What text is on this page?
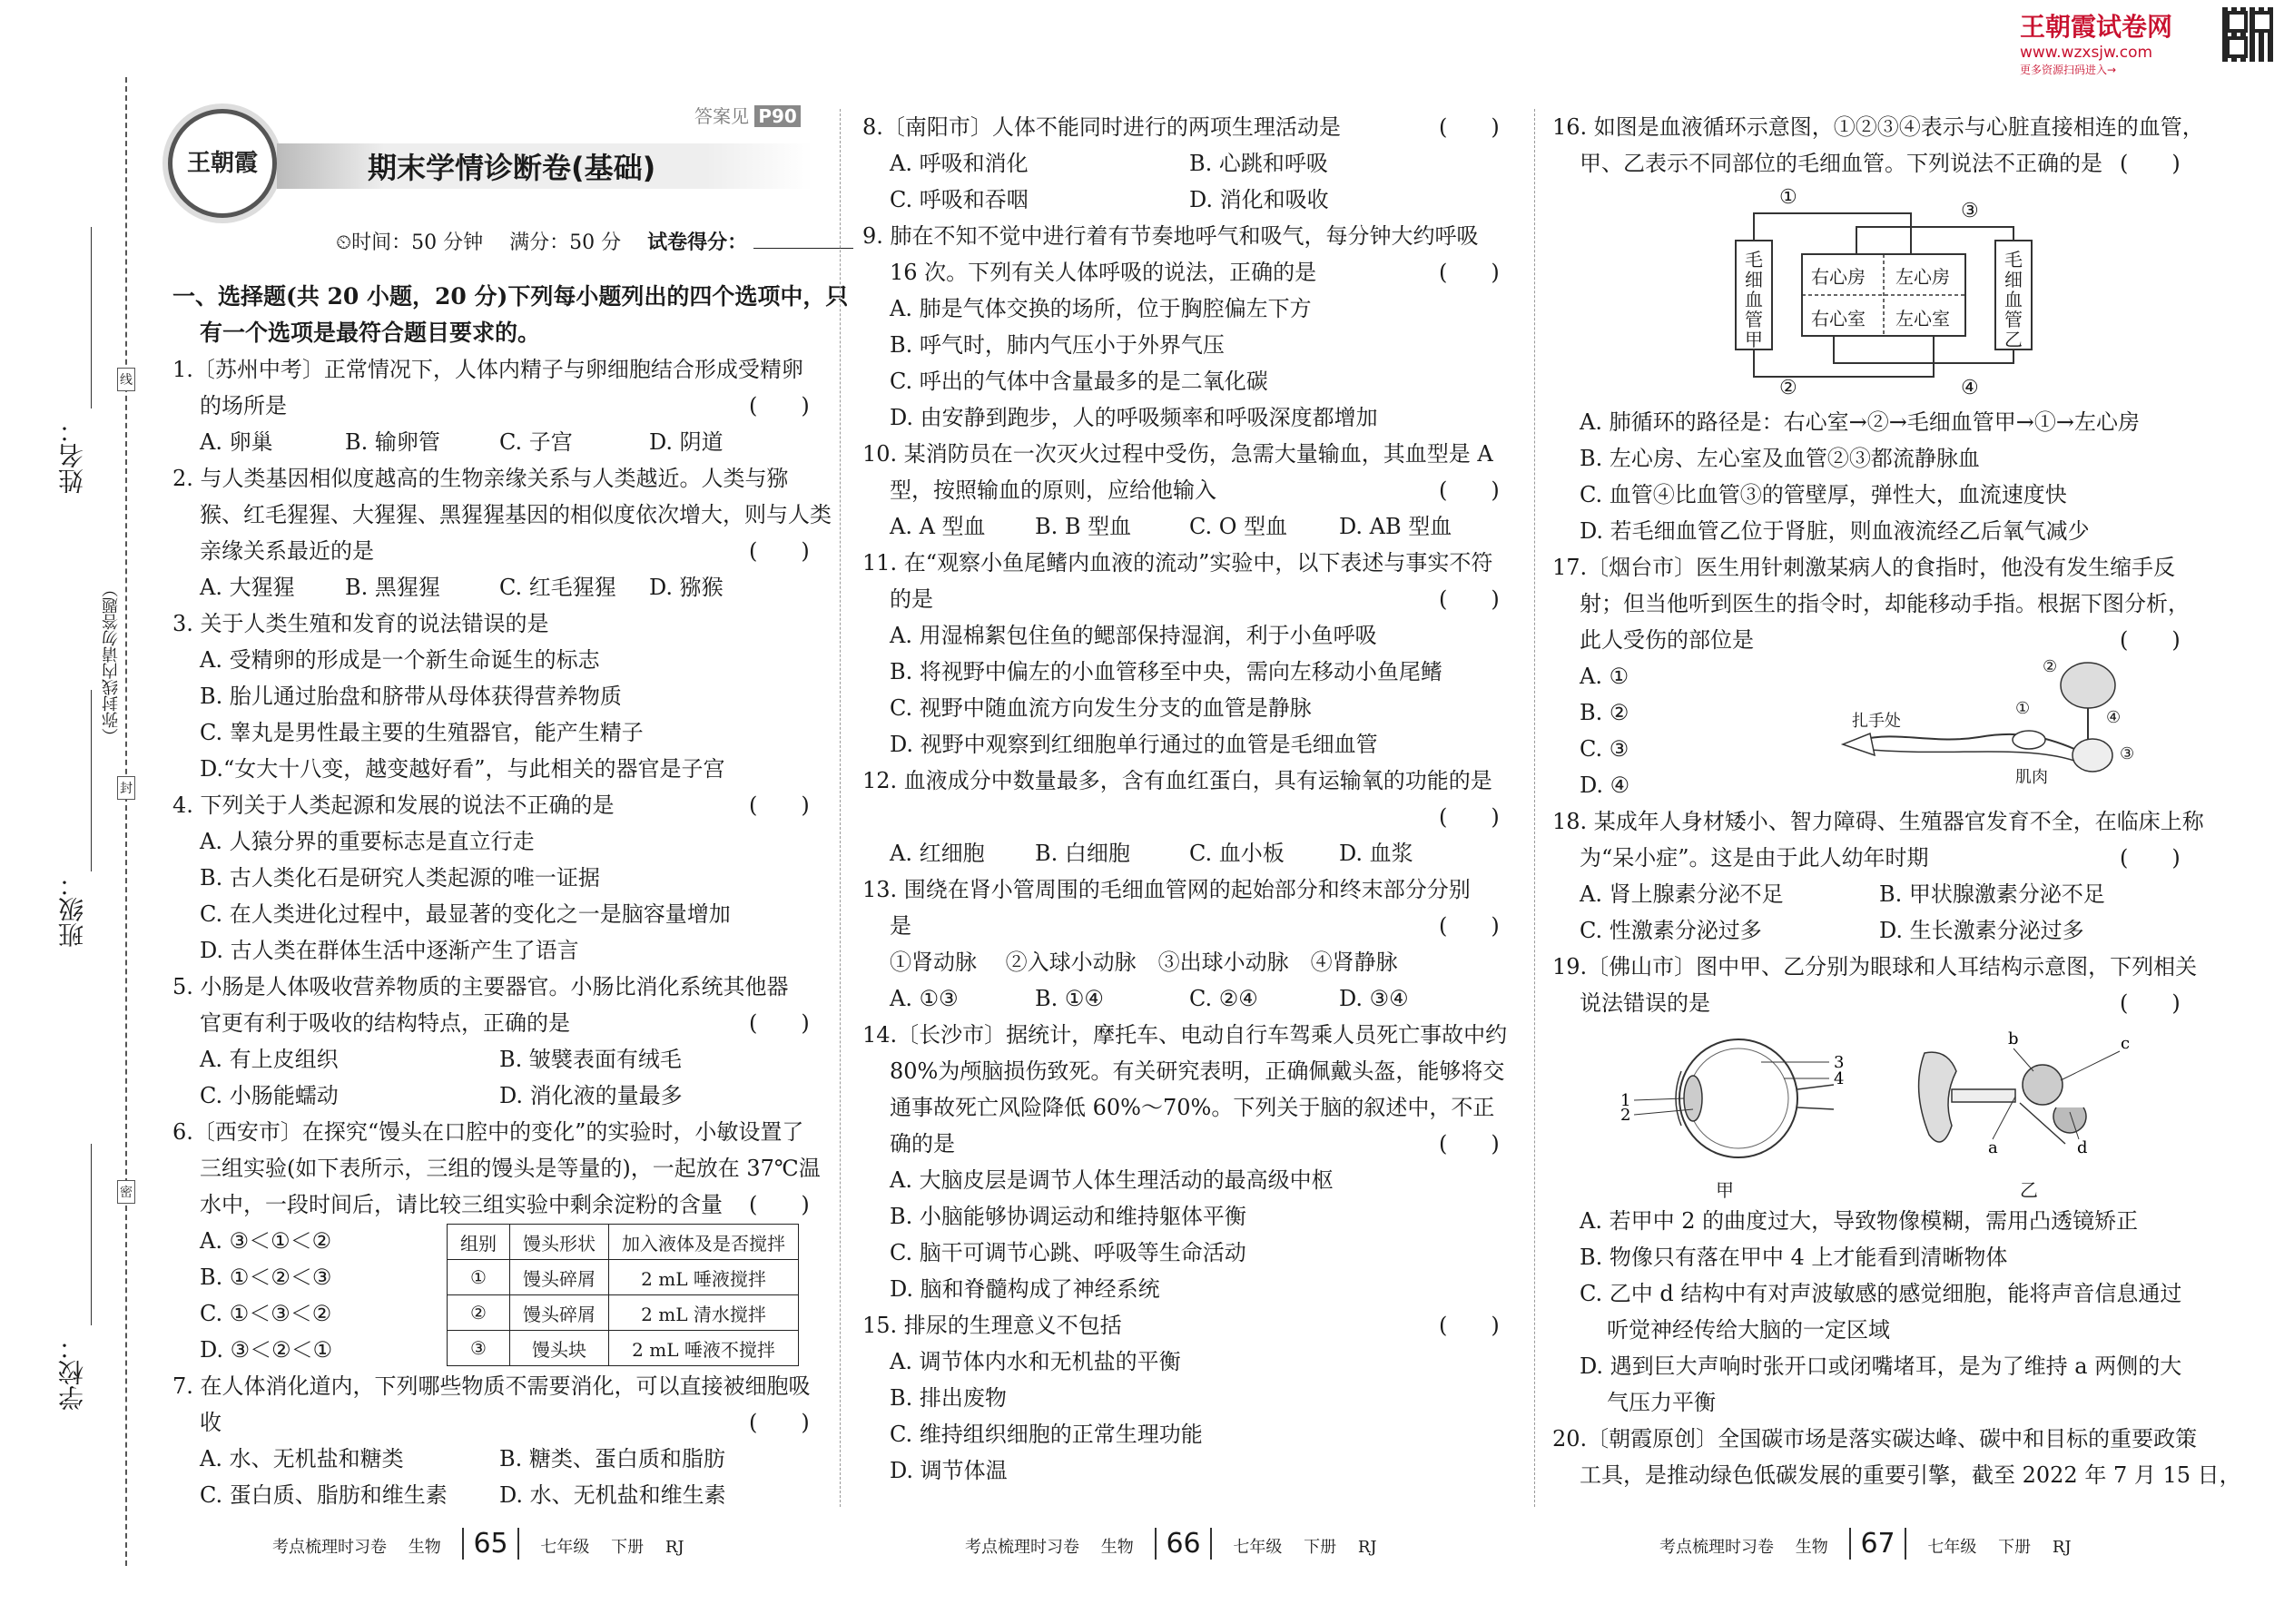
王朝霞试卷网
www.wzxsjw.com
更多资源扫码进入→
姓名：
班级：
学校：
（弥封线内请勿答题）
线
封
密
王朝霞
答案见 P90
期末学情诊断卷(基础)
⏲时间：50 分钟　 满分：50 分　 试卷得分：
一、选择题(共 20 小题，20 分)下列每小题列出的四个选项中，只
有一个选项是最符合题目要求的。
1.〔苏州中考〕正常情况下，人体内精子与卵细胞结合形成受精卵
的场所是	(　　)
A. 卵巢	B. 输卵管	C. 子宫	D. 阴道
2. 与人类基因相似度越高的生物亲缘关系与人类越近。人类与猕
猴、红毛猩猩、大猩猩、黑猩猩基因的相似度依次增大，则与人类
亲缘关系最近的是	(　　)
A. 大猩猩 B. 黑猩猩	C. 红毛猩猩 D. 猕猴
3. 关于人类生殖和发育的说法错误的是
A. 受精卵的形成是一个新生命诞生的标志
B. 胎儿通过胎盘和脐带从母体获得营养物质
C. 睾丸是男性最主要的生殖器官，能产生精子
D.“女大十八变，越变越好看”，与此相关的器官是子宫
4. 下列关于人类起源和发展的说法不正确的是	(　　)
A. 人猿分界的重要标志是直立行走
B. 古人类化石是研究人类起源的唯一证据
C. 在人类进化过程中，最显著的变化之一是脑容量增加
D. 古人类在群体生活中逐渐产生了语言
5. 小肠是人体吸收营养物质的主要器官。小肠比消化系统其他器
官更有利于吸收的结构特点，正确的是	(　　)
A. 有上皮组织	B. 皱襞表面有绒毛
C. 小肠能蠕动	D. 消化液的量最多
6.〔西安市〕在探究“馒头在口腔中的变化”的实验时，小敏设置了
三组实验(如下表所示，三组的馒头是等量的)，一起放在 37℃温
水中，一段时间后，请比较三组实验中剩余淀粉的含量 (　　)
A. ③＜①＜②
B. ①＜②＜③
C. ①＜③＜②
D. ③＜②＜①
组别	馒头形状	加入液体及是否搅拌
①	馒头碎屑	2 mL 唾液搅拌
②	馒头碎屑	2 mL 清水搅拌
③	馒头块	2 mL 唾液不搅拌
7. 在人体消化道内，下列哪些物质不需要消化，可以直接被细胞吸
收	(　　)
A. 水、无机盐和糖类	B. 糖类、蛋白质和脂肪
C. 蛋白质、脂肪和维生素 D. 水、无机盐和维生素
8.〔南阳市〕人体不能同时进行的两项生理活动是	(　　)
A. 呼吸和消化	B. 心跳和呼吸
C. 呼吸和吞咽	D. 消化和吸收
9. 肺在不知不觉中进行着有节奏地呼气和吸气，每分钟大约呼吸
16 次。下列有关人体呼吸的说法，正确的是	(　　)
A. 肺是气体交换的场所，位于胸腔偏左下方
B. 呼气时，肺内气压小于外界气压
C. 呼出的气体中含量最多的是二氧化碳
D. 由安静到跑步，人的呼吸频率和呼吸深度都增加
10. 某消防员在一次灭火过程中受伤，急需大量输血，其血型是 A
型，按照输血的原则，应给他输入	(　　)
A. A 型血 B. B 型血	C. O 型血 D. AB 型血
11. 在“观察小鱼尾鳍内血液的流动”实验中，以下表述与事实不符
的是	(　　)
A. 用湿棉絮包住鱼的鳃部保持湿润，利于小鱼呼吸
B. 将视野中偏左的小血管移至中央，需向左移动小鱼尾鳍
C. 视野中随血流方向发生分支的血管是静脉
D. 视野中观察到红细胞单行通过的血管是毛细血管
12. 血液成分中数量最多，含有血红蛋白，具有运输氧的功能的是
(　　)
A. 红细胞 B. 白细胞	C. 血小板	D. 血浆
13. 围绕在肾小管周围的毛细血管网的起始部分和终末部分分别
是	(　　)
①肾动脉　 ②入球小动脉　③出球小动脉　④肾静脉
A. ①③	B. ①④	C. ②④	D. ③④
14.〔长沙市〕据统计，摩托车、电动自行车驾乘人员死亡事故中约
80%为颅脑损伤致死。有关研究表明，正确佩戴头盔，能够将交
通事故死亡风险降低 60%～70%。下列关于脑的叙述中，不正
确的是	(　　)
A. 大脑皮层是调节人体生理活动的最高级中枢
B. 小脑能够协调运动和维持躯体平衡
C. 脑干可调节心跳、呼吸等生命活动
D. 脑和脊髓构成了神经系统
15. 排尿的生理意义不包括	(　　)
A. 调节体内水和无机盐的平衡
B. 排出废物
C. 维持组织细胞的正常生理功能
D. 调节体温
16. 如图是血液循环示意图，①②③④表示与心脏直接相连的血管，
甲、乙表示不同部位的毛细血管。下列说法不正确的是 (　　)
毛细血管甲
毛细血管乙
右心房 左心房
右心室 左心室
①
②
③
④
A. 肺循环的路径是：右心室→②→毛细血管甲→①→左心房
B. 左心房、左心室及血管②③都流静脉血
C. 血管④比血管③的管壁厚，弹性大，血流速度快
D. 若毛细血管乙位于肾脏，则血液流经乙后氧气减少
17.〔烟台市〕医生用针刺激某病人的食指时，他没有发生缩手反
射；但当他听到医生的指令时，却能移动手指。根据下图分析，
此人受伤的部位是	(　　)
A. ①
B. ②
C. ③
D. ④
扎手处
肌肉
①
②
③
④
18. 某成年人身材矮小、智力障碍、生殖器官发育不全，在临床上称
为“呆小症”。这是由于此人幼年时期	(　　)
A. 肾上腺素分泌不足	B. 甲状腺激素分泌不足
C. 性激素分泌过多	D. 生长激素分泌过多
19.〔佛山市〕图中甲、乙分别为眼球和人耳结构示意图，下列相关
说法错误的是	(　　)
1
2
3
4
甲
a
b	c
d
乙
A. 若甲中 2 的曲度过大，导致物像模糊，需用凸透镜矫正
B. 物像只有落在甲中 4 上才能看到清晰物体
C. 乙中 d 结构中有对声波敏感的感觉细胞，能将声音信息通过
听觉神经传给大脑的一定区域
D. 遇到巨大声响时张开口或闭嘴堵耳，是为了维持 a 两侧的大
气压力平衡
20.〔朝霞原创〕全国碳市场是落实碳达峰、碳中和目标的重要政策
工具，是推动绿色低碳发展的重要引擎，截至 2022 年 7 月 15 日，
考点梳理时习卷　 生物　 65　 七年级　 下册　 RJ	考点梳理时习卷　 生物　 66　 七年级　 下册　 RJ	考点梳理时习卷　 生物　 67　 七年级　 下册　 RJ
